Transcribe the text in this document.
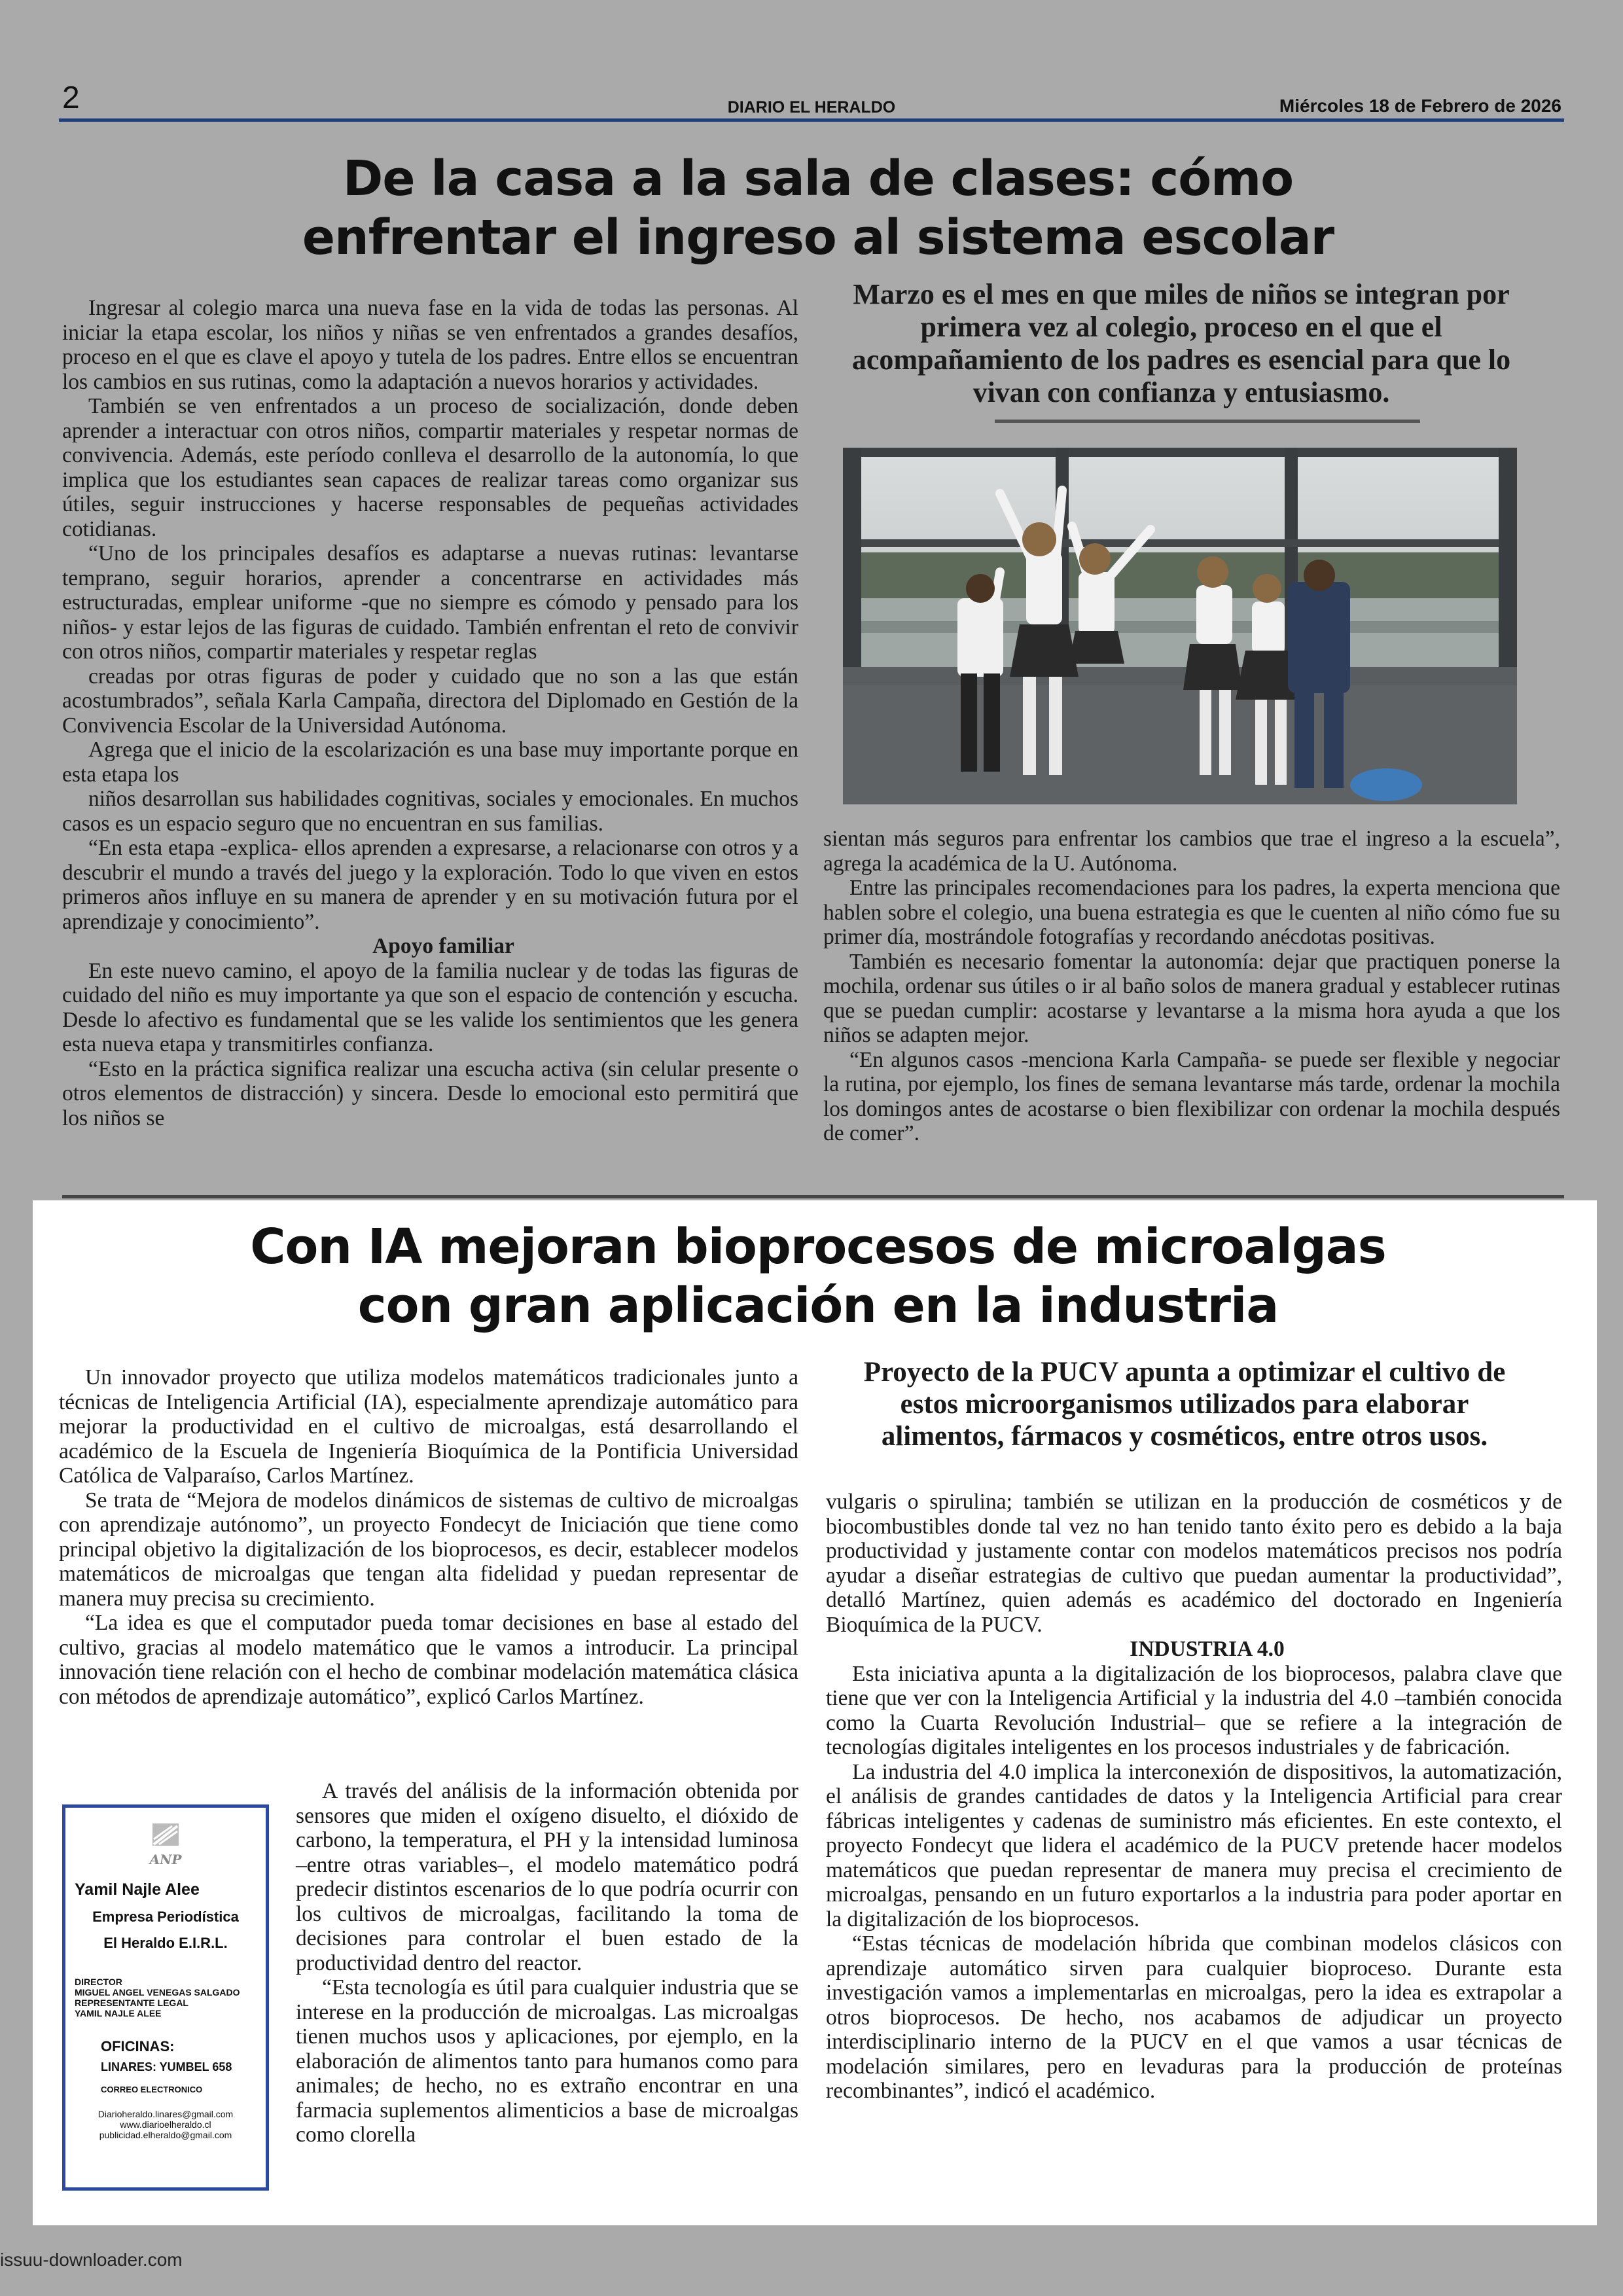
2	DIARIO EL HERALDO	Miércoles 18 de Febrero de 2026
De la casa a la sala de clases: cómo
enfrentar el ingreso al sistema escolar

Ingresar al colegio marca una nueva fase en la vida de todas las personas. Al iniciar la etapa escolar, los niños y niñas se ven enfrentados a grandes desafíos, proceso en el que es clave el apoyo y tutela de los padres. Entre ellos se encuentran los cambios en sus rutinas, como la adaptación a nuevos horarios y actividades.

También se ven enfrentados a un proceso de socialización, donde deben aprender a interactuar con otros niños, compartir materiales y respetar normas de convivencia. Además, este período conlleva el desarrollo de la autonomía, lo que implica que los estudiantes sean capaces de realizar tareas como organizar sus útiles, seguir instrucciones y hacerse responsables de pequeñas actividades cotidianas.

“Uno de los principales desafíos es adaptarse a nuevas rutinas: levantarse temprano, seguir horarios, aprender a concentrarse en actividades más estructuradas, emplear uniforme -que no siempre es cómodo y pensado para los niños- y estar lejos de las figuras de cuidado. También enfrentan el reto de convivir con otros niños, compartir materiales y respetar reglas

creadas por otras figuras de poder y cuidado que no son a las que están acostumbrados”, señala Karla Campaña, directora del Diplomado en Gestión de la Convivencia Escolar de la Universidad Autónoma.

Agrega que el inicio de la escolarización es una base muy importante porque en esta etapa los

niños desarrollan sus habilidades cognitivas, sociales y emocionales. En muchos casos es un espacio seguro que no encuentran en sus familias.

“En esta etapa -explica- ellos aprenden a expresarse, a relacionarse con otros y a descubrir el mundo a través del juego y la exploración. Todo lo que viven en estos primeros años influye en su manera de aprender y en su motivación futura por el aprendizaje y conocimiento”.

Apoyo familiar

En este nuevo camino, el apoyo de la familia nuclear y de todas las figuras de cuidado del niño es muy importante ya que son el espacio de contención y escucha. Desde lo afectivo es fundamental que se les valide los sentimientos que les genera esta nueva etapa y transmitirles confianza.

“Esto en la práctica significa realizar una escucha activa (sin celular presente o otros elementos de distracción) y sincera. Desde lo emocional esto permitirá que los niños se

Marzo es el mes en que miles de niños se integran por primera vez al colegio, proceso en el que el acompañamiento de los padres es esencial para que lo vivan con confianza y entusiasmo.

sientan más seguros para enfrentar los cambios que trae el ingreso a la escuela”, agrega la académica de la U. Autónoma.

Entre las principales recomendaciones para los padres, la experta menciona que hablen sobre el colegio, una buena estrategia es que le cuenten al niño cómo fue su primer día, mostrándole fotografías y recordando anécdotas positivas.

También es necesario fomentar la autonomía: dejar que practiquen ponerse la mochila, ordenar sus útiles o ir al baño solos de manera gradual y establecer rutinas que se puedan cumplir: acostarse y levantarse a la misma hora ayuda a que los niños se adapten mejor.

“En algunos casos -menciona Karla Campaña- se puede ser flexible y negociar la rutina, por ejemplo, los fines de semana levantarse más tarde, ordenar la mochila los domingos antes de acostarse o bien flexibilizar con ordenar la mochila después de comer”.

Con IA mejoran bioprocesos de microalgas
con gran aplicación en la industria

Un innovador proyecto que utiliza modelos matemáticos tradicionales junto a técnicas de Inteligencia Artificial (IA), especialmente aprendizaje automático para mejorar la productividad en el cultivo de microalgas, está desarrollando el académico de la Escuela de Ingeniería Bioquímica de la Pontificia Universidad Católica de Valparaíso, Carlos Martínez.

Se trata de “Mejora de modelos dinámicos de sistemas de cultivo de microalgas con aprendizaje autónomo”, un proyecto Fondecyt de Iniciación que tiene como principal objetivo la digitalización de los bioprocesos, es decir, establecer modelos matemáticos de microalgas que tengan alta fidelidad y puedan representar de manera muy precisa su crecimiento.

“La idea es que el computador pueda tomar decisiones en base al estado del cultivo, gracias al modelo matemático que le vamos a introducir. La principal innovación tiene relación con el hecho de combinar modelación matemática clásica con métodos de aprendizaje automático”, explicó Carlos Martínez.

ANP
Yamil Najle Alee
Empresa Periodística
El Heraldo E.I.R.L.
DIRECTOR
MIGUEL ANGEL VENEGAS SALGADO
REPRESENTANTE LEGAL
YAMIL NAJLE ALEE
OFICINAS:
LINARES: YUMBEL 658
CORREO ELECTRONICO
Diarioheraldo.linares@gmail.com
www.diarioelheraldo.cl
publicidad.elheraldo@gmail.com

A través del análisis de la información obtenida por sensores que miden el oxígeno disuelto, el dióxido de carbono, la temperatura, el PH y la intensidad luminosa –entre otras variables–, el modelo matemático podrá predecir distintos escenarios de lo que podría ocurrir con los cultivos de microalgas, facilitando la toma de decisiones para controlar el buen estado de la productividad dentro del reactor.

“Esta tecnología es útil para cualquier industria que se interese en la producción de microalgas. Las microalgas tienen muchos usos y aplicaciones, por ejemplo, en la elaboración de alimentos tanto para humanos como para animales; de hecho, no es extraño encontrar en una farmacia suplementos alimenticios a base de microalgas como clorella

Proyecto de la PUCV apunta a optimizar el cultivo de estos microorganismos utilizados para elaborar alimentos, fármacos y cosméticos, entre otros usos.

vulgaris o spirulina; también se utilizan en la producción de cosméticos y de biocombustibles donde tal vez no han tenido tanto éxito pero es debido a la baja productividad y justamente contar con modelos matemáticos precisos nos podría ayudar a diseñar estrategias de cultivo que puedan aumentar la productividad”, detalló Martínez, quien además es académico del doctorado en Ingeniería Bioquímica de la PUCV.

INDUSTRIA 4.0

Esta iniciativa apunta a la digitalización de los bioprocesos, palabra clave que tiene que ver con la Inteligencia Artificial y la industria del 4.0 –también conocida como la Cuarta Revolución Industrial– que se refiere a la integración de tecnologías digitales inteligentes en los procesos industriales y de fabricación.

La industria del 4.0 implica la interconexión de dispositivos, la automatización, el análisis de grandes cantidades de datos y la Inteligencia Artificial para crear fábricas inteligentes y cadenas de suministro más eficientes. En este contexto, el proyecto Fondecyt que lidera el académico de la PUCV pretende hacer modelos matemáticos que puedan representar de manera muy precisa el crecimiento de microalgas, pensando en un futuro exportarlos a la industria para poder aportar en la digitalización de los bioprocesos.

“Estas técnicas de modelación híbrida que combinan modelos clásicos con aprendizaje automático sirven para cualquier bioproceso. Durante esta investigación vamos a implementarlas en microalgas, pero la idea es extrapolar a otros bioprocesos. De hecho, nos acabamos de adjudicar un proyecto interdisciplinario interno de la PUCV en el que vamos a usar técnicas de modelación similares, pero en levaduras para la producción de proteínas recombinantes”, indicó el académico.

issuu-downloader.com
